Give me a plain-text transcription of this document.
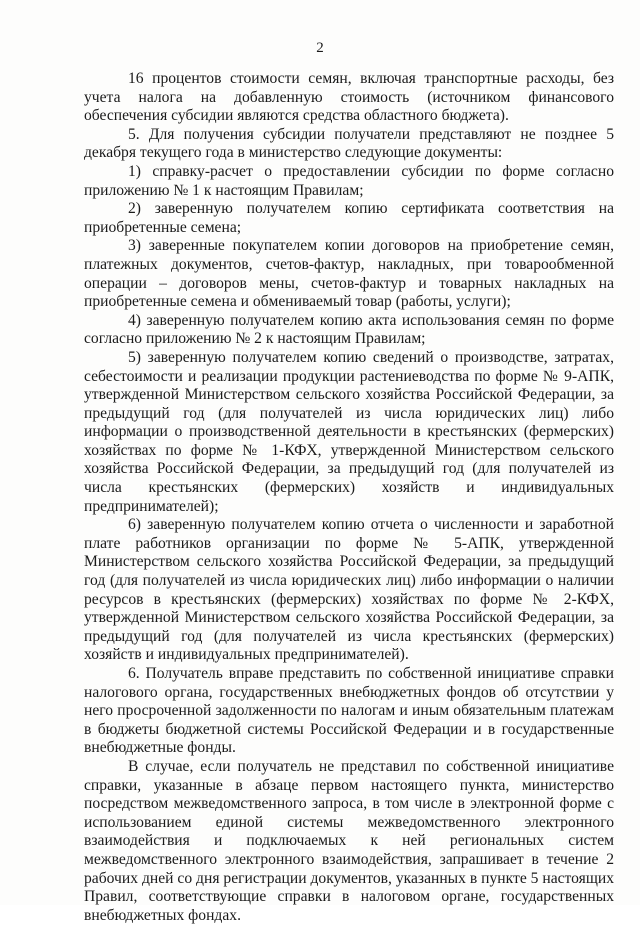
2

16 процентов стоимости семян, включая транспортные расходы, без учета налога на добавленную стоимость (источником финансового обеспечения субсидии являются средства областного бюджета).

5. Для получения субсидии получатели представляют не позднее 5 декабря текущего года в министерство следующие документы:

1) справку-расчет о предоставлении субсидии по форме согласно приложению № 1 к настоящим Правилам;

2) заверенную получателем копию сертификата соответствия на приобретенные семена;

3) заверенные покупателем копии договоров на приобретение семян, платежных документов, счетов-фактур, накладных, при товарообменной операции – договоров мены, счетов-фактур и товарных накладных на приобретенные семена и обмениваемый товар (работы, услуги);

4) заверенную получателем копию акта использования семян по форме согласно приложению № 2 к настоящим Правилам;

5) заверенную получателем копию сведений о производстве, затратах, себестоимости и реализации продукции растениеводства по форме № 9-АПК, утвержденной Министерством сельского хозяйства Российской Федерации, за предыдущий год (для получателей из числа юридических лиц) либо информации о производственной деятельности в крестьянских (фермерских) хозяйствах по форме № 1-КФХ, утвержденной Министерством сельского хозяйства Российской Федерации, за предыдущий год (для получателей из числа крестьянских (фермерских) хозяйств и индивидуальных предпринимателей);

6) заверенную получателем копию отчета о численности и заработной плате работников организации по форме № 5-АПК, утвержденной Министерством сельского хозяйства Российской Федерации, за предыдущий год (для получателей из числа юридических лиц) либо информации о наличии ресурсов в крестьянских (фермерских) хозяйствах по форме № 2-КФХ, утвержденной Министерством сельского хозяйства Российской Федерации, за предыдущий год (для получателей из числа крестьянских (фермерских) хозяйств и индивидуальных предпринимателей).

6. Получатель вправе представить по собственной инициативе справки налогового органа, государственных внебюджетных фондов об отсутствии у него просроченной задолженности по налогам и иным обязательным платежам в бюджеты бюджетной системы Российской Федерации и в государственные внебюджетные фонды.

В случае, если получатель не представил по собственной инициативе справки, указанные в абзаце первом настоящего пункта, министерство посредством межведомственного запроса, в том числе в электронной форме с использованием единой системы межведомственного электронного взаимодействия и подключаемых к ней региональных систем межведомственного электронного взаимодействия, запрашивает в течение 2 рабочих дней со дня регистрации документов, указанных в пункте 5 настоящих Правил, соответствующие справки в налоговом органе, государственных внебюджетных фондах.
